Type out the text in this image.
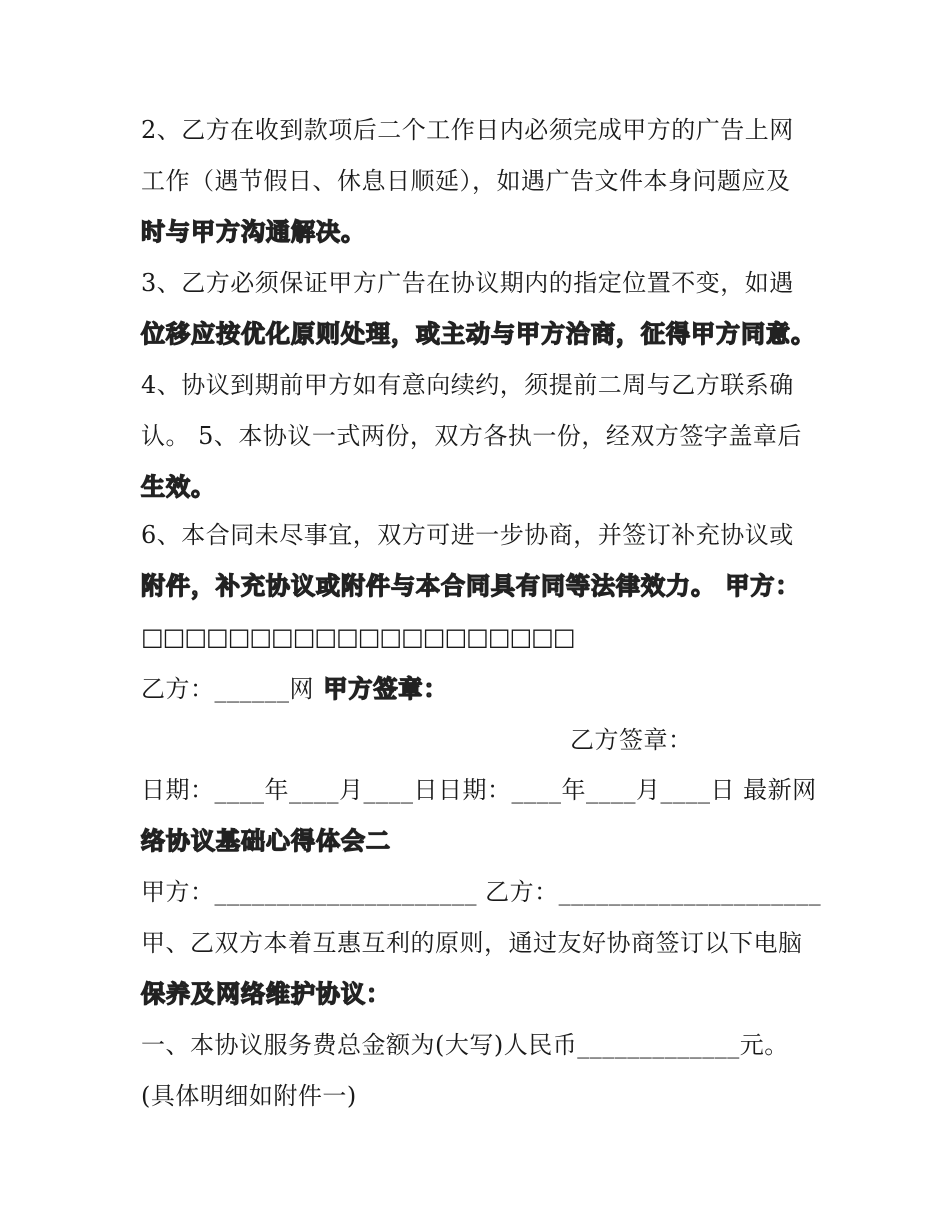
2、乙方在收到款项后二个工作日内必须完成甲方的广告上网
工作（遇节假日、休息日顺延），如遇广告文件本身问题应及
时与甲方沟通解决。
3、乙方必须保证甲方广告在协议期内的指定位置不变，如遇
位移应按优化原则处理，或主动与甲方洽商，征得甲方同意。
4、协议到期前甲方如有意向续约，须提前二周与乙方联系确
认。 5、本协议一式两份，双方各执一份，经双方签字盖章后
生效。
6、本合同未尽事宜，双方可进一步协商，并签订补充协议或
附件，补充协议或附件与本合同具有同等法律效力。 甲方：
□□□□□□□□□□□□□□□□□□□□
乙方：______网 甲方签章：
乙方签章：
日期：____年____月____日日期：____年____月____日 最新网
络协议基础心得体会二
甲方：_____________________ 乙方：_____________________
甲、乙双方本着互惠互利的原则，通过友好协商签订以下电脑
保养及网络维护协议：
一、本协议服务费总金额为(大写)人民币_____________元。
(具体明细如附件一)
